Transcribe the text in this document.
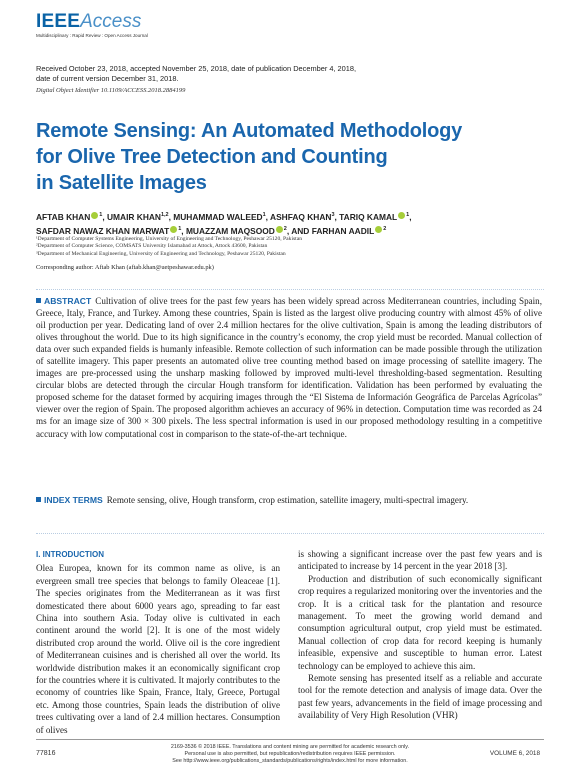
IEEEAccess
Multidisciplinary : Rapid Review : Open Access Journal
Received October 23, 2018, accepted November 25, 2018, date of publication December 4, 2018,
date of current version December 31, 2018.
Digital Object Identifier 10.1109/ACCESS.2018.2884199
Remote Sensing: An Automated Methodology
for Olive Tree Detection and Counting
in Satellite Images
AFTAB KHAN $^1$, UMAIR KHAN$^{1,2}$, MUHAMMAD WALEED$^1$, ASHFAQ KHAN$^3$, TARIQ KAMAL $^1$,
SAFDAR NAWAZ KHAN MARWAT $^1$, MUAZZAM MAQSOOD $^2$, AND FARHAN AADIL $^2$
¹Department of Computer Systems Engineering, University of Engineering and Technology, Peshawar 25120, Pakistan
²Department of Computer Science, COMSATS University Islamabad at Attock, Attock 43600, Pakistan
³Department of Mechanical Engineering, University of Engineering and Technology, Peshawar 25120, Pakistan
Corresponding author: Aftab Khan (aftab.khan@uetpeshawar.edu.pk)
ABSTRACT Cultivation of olive trees for the past few years has been widely spread across Mediterranean countries, including Spain, Greece, Italy, France, and Turkey. Among these countries, Spain is listed as the largest olive producing country with almost 45% of olive oil production per year. Dedicating land of over 2.4 million hectares for the olive cultivation, Spain is among the leading distributors of olives throughout the world. Due to its high significance in the country’s economy, the crop yield must be recorded. Manual collection of data over such expanded fields is humanly infeasible. Remote collection of such information can be made possible through the utilization of satellite imagery. This paper presents an automated olive tree counting method based on image processing of satellite imagery. The images are pre-processed using the unsharp masking followed by improved multi-level thresholding-based segmentation. Resulting circular blobs are detected through the circular Hough transform for identification. Validation has been performed by evaluating the proposed scheme for the dataset formed by acquiring images through the “El Sistema de Información Geográfica de Parcelas Agrícolas” viewer over the region of Spain. The proposed algorithm achieves an accuracy of 96% in detection. Computation time was recorded as 24 ms for an image size of 300 × 300 pixels. The less spectral information is used in our proposed methodology resulting in a competitive accuracy with low computational cost in comparison to the state-of-the-art technique.
INDEX TERMS Remote sensing, olive, Hough transform, crop estimation, satellite imagery, multi-spectral imagery.
I. INTRODUCTION

Olea Europea, known for its common name as olive, is an evergreen small tree species that belongs to family Oleaceae [1]. The species originates from the Mediterranean as it was first domesticated there about 6000 years ago, spreading to far east China into southern Asia. Today olive is cultivated in each continent around the world [2]. It is one of the most widely distributed crop around the world. Olive oil is the core ingredient of Mediterranean cuisines and is cherished all over the world. Its worldwide distribution makes it an economically significant crop for the countries where it is cultivated. It majorly contributes to the economy of countries like Spain, France, Italy, Greece, Portugal etc. Among those countries, Spain leads the distribution of olive trees cultivating over a land of 2.4 million hectares. Consumption of olives

is showing a significant increase over the past few years and is anticipated to increase by 14 percent in the year 2018 [3].

Production and distribution of such economically significant crop requires a regularized monitoring over the inventories and the crop. It is a critical task for the plantation and resource management. To meet the growing world demand and consumption agricultural output, crop yield must be estimated. Manual collection of crop data for record keeping is humanly infeasible, expensive and susceptible to human error. Latest technology can be employed to achieve this aim.

Remote sensing has presented itself as a reliable and accurate tool for the remote detection and analysis of image data. Over the past few years, advancements in the field of image processing and availability of Very High Resolution (VHR)

77816
2169-3536 © 2018 IEEE. Translations and content mining are permitted for academic research only.
Personal use is also permitted, but republication/redistribution requires IEEE permission.
See http://www.ieee.org/publications_standards/publications/rights/index.html for more information.
VOLUME 6, 2018
